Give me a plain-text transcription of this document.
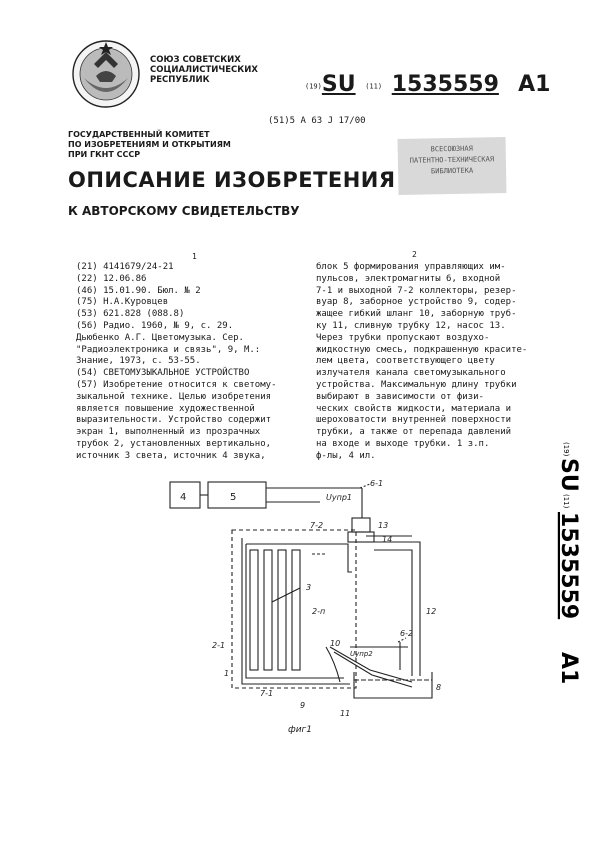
СОЮЗ СОВЕТСКИХ
СОЦИАЛИСТИЧЕСКИХ
РЕСПУБЛИК
(19)SU (11) 1535559 A1
(51)5 A 63 J 17/00
ГОСУДАРСТВЕННЫЙ КОМИТЕТ
ПО ИЗОБРЕТЕНИЯМ И ОТКРЫТИЯМ
ПРИ ГКНТ СССР
ВСЕСОЮЗНАЯ
ПАТЕНТНО-ТЕХНИЧЕСКАЯ
БИБЛИОТЕКА
ОПИСАНИЕ ИЗОБРЕТЕНИЯ
К АВТОРСКОМУ СВИДЕТЕЛЬСТВУ
1	2
(21) 4141679/24-21
(22) 12.06.86
(46) 15.01.90. Бюл. № 2
(75) Н.А.Куровцев
(53) 621.828 (088.8)
(56) Радио. 1960, № 9, с. 29.
Дьюбенко А.Г. Цветомузыка. Сер.
"Радиоэлектроника и связь", 9, М.:
Знание, 1973, с. 53-55.
(54) СВЕТОМУЗЫКАЛЬНОЕ УСТРОЙСТВО
(57) Изобретение относится к светому-
зыкальной технике. Целью изобретения
является повышение художественной
выразительности. Устройство содержит
экран 1, выполненный из прозрачных
трубок 2, установленных вертикально,
источник 3 света, источник 4 звука,
блок 5 формирования управляющих им-
пульсов, электромагниты 6, входной
7-1 и выходной 7-2 коллекторы, резер-
вуар 8, заборное устройство 9, содер-
жащее гибкий шланг 10, заборную труб-
ку 11, сливную трубку 12, насос 13.
Через трубки пропускают воздухо-
жидкостную смесь, подкрашенную красите-
лем цвета, соответствующего цвету
излучателя канала светомузыкального
устройства. Максимальную длину трубки
выбирают в зависимости от физи-
ческих свойств жидкости, материала и
шероховатости внутренней поверхности
трубки, а также от перепада давлений
на входе и выходе трубки. 1 з.п.
ф-лы, 4 ил.	(19)
SU
(11)
1535559
A1
4	5	Uупр1
6-1
13
14
7-2
3
2-п	12
2-1	10
Uупр2
6-2
1
7-1
9
11
8
фиг1
